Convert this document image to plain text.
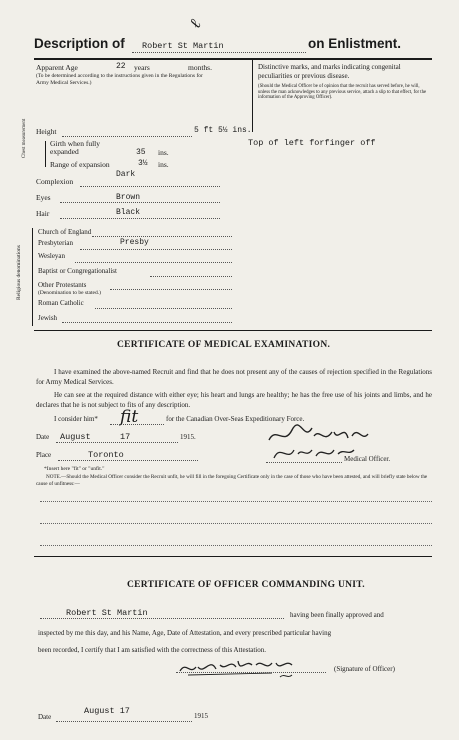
Description of Robert St Martin	on Enlistment.
ℓ
Apparent Age	22 years	months.
(To be determined according to the instructions given in the Regulations for Army Medical Services.)
Height	5 ft 5½ ins.
Chest measurement	Girth when fully expanded	35 ins.
Range of expansion	3½ ins.
Complexion
Dark
Eyes	Brown
Hair	Black
Religious denominations
Church of England
Presbyterian	Presby
Wesleyan
Baptist or Congregationalist
Other Protestants
(Denomination to be stated.)
Roman Catholic
Jewish
Distinctive marks, and marks indicating congenital peculiarities or previous disease.
(Should the Medical Officer be of opinion that the recruit has served before, he will, unless the man acknowledges to any previous service, attach a slip to that effect, for the information of the Approving Officer).
Top of left forfinger off
CERTIFICATE OF MEDICAL EXAMINATION.
I have examined the above-named Recruit and find that he does not present any of the causes of rejection specified in the Regulations for Army Medical Services.
He can see at the required distance with either eye; his heart and lungs are healthy; he has the free use of his joints and limbs, and he declares that he is not subject to fits of any description.
I consider him* fit	for the Canadian Over-Seas Expeditionary Force.
Date August	17	1915.
Place	Toronto	Medical Officer.
*Insert here "fit" or "unfit."
NOTE.—Should the Medical Officer consider the Recruit unfit, he will fill in the foregoing Certificate only in the case of those who have been attested, and will briefly state below the cause of unfitness:—
CERTIFICATE OF OFFICER COMMANDING UNIT.
Robert St Martin	having been finally approved and
inspected by me this day, and his Name, Age, Date of Attestation, and every prescribed particular having
been recorded, I certify that I am satisfied with the correctness of this Attestation.
(Signature of Officer)
Date
August 17	1915
